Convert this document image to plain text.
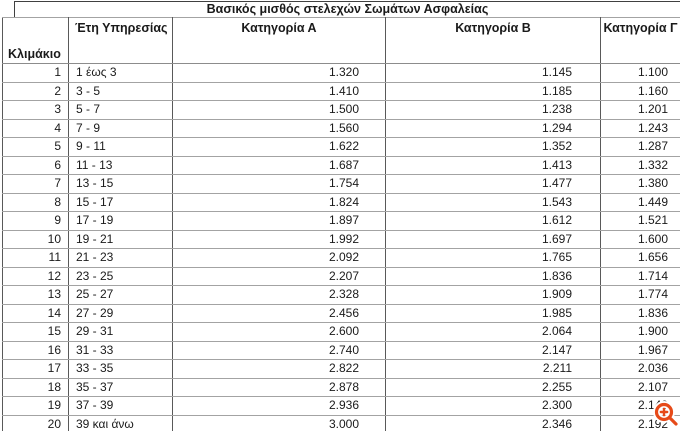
Βασικός μισθός στελεχών Σωμάτων Ασφαλείας
Κλιμάκιο	Έτη Υπηρεσίας	Κατηγορία Α	Κατηγορία Β	Κατηγορία Γ
1	1 έως 3	1.320	1.145	1.100
2	3 - 5	1.410	1.185	1.160
3	5 - 7	1.500	1.238	1.201
4	7 - 9	1.560	1.294	1.243
5	9 - 11	1.622	1.352	1.287
6	11 - 13	1.687	1.413	1.332
7	13 - 15	1.754	1.477	1.380
8	15 - 17	1.824	1.543	1.449
9	17 - 19	1.897	1.612	1.521
10	19 - 21	1.992	1.697	1.600
11	21 - 23	2.092	1.765	1.656
12	23 - 25	2.207	1.836	1.714
13	25 - 27	2.328	1.909	1.774
14	27 - 29	2.456	1.985	1.836
15	29 - 31	2.600	2.064	1.900
16	31 - 33	2.740	2.147	1.967
17	33 - 35	2.822	2.211	2.036
18	35 - 37	2.878	2.255	2.107
19	37 - 39	2.936	2.300	2.149
20	39 και άνω	3.000	2.346	2.192
